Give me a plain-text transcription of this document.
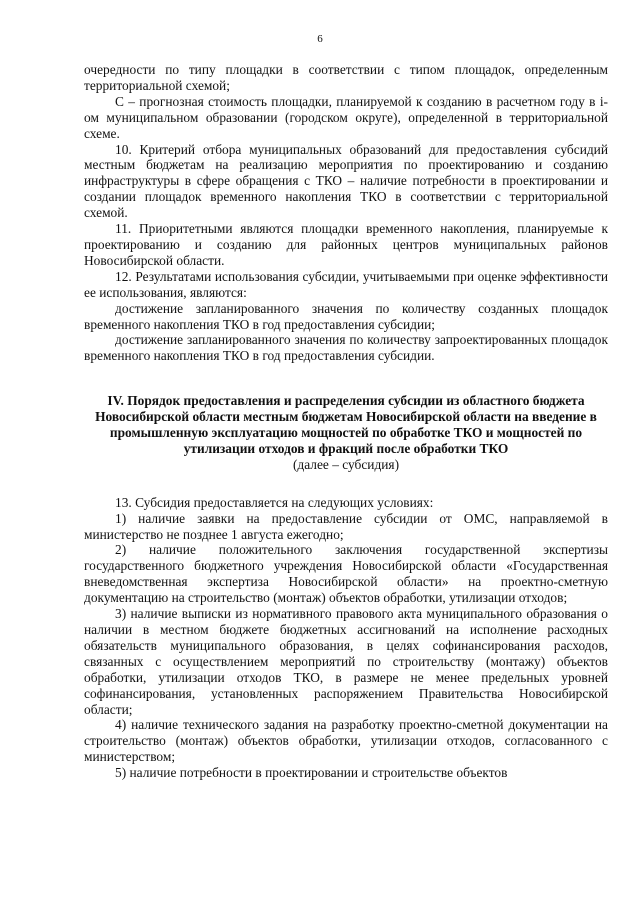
6

очередности по типу площадки в соответствии с типом площадок, определенным территориальной схемой;

C – прогнозная стоимость площадки, планируемой к созданию в расчетном году в i-ом муниципальном образовании (городском округе), определенной в территориальной схеме.

10. Критерий отбора муниципальных образований для предоставления субсидий местным бюджетам на реализацию мероприятия по проектированию и созданию инфраструктуры в сфере обращения с ТКО – наличие потребности в проектировании и создании площадок временного накопления ТКО в соответствии с территориальной схемой.

11. Приоритетными являются площадки временного накопления, планируемые к проектированию и созданию для районных центров муниципальных районов Новосибирской области.

12. Результатами использования субсидии, учитываемыми при оценке эффективности ее использования, являются:

достижение запланированного значения по количеству созданных площадок временного накопления ТКО в год предоставления субсидии;

достижение запланированного значения по количеству запроектированных площадок временного накопления ТКО в год предоставления субсидии.

IV. Порядок предоставления и распределения субсидии из областного бюджета Новосибирской области местным бюджетам Новосибирской области на введение в промышленную эксплуатацию мощностей по обработке ТКО и мощностей по утилизации отходов и фракций после обработки ТКО

(далее – субсидия)

13. Субсидия предоставляется на следующих условиях:

1) наличие заявки на предоставление субсидии от ОМС, направляемой в министерство не позднее 1 августа ежегодно;

2) наличие положительного заключения государственной экспертизы государственного бюджетного учреждения Новосибирской области «Государственная вневедомственная экспертиза Новосибирской области» на проектно-сметную документацию на строительство (монтаж) объектов обработки, утилизации отходов;

3) наличие выписки из нормативного правового акта муниципального образования о наличии в местном бюджете бюджетных ассигнований на исполнение расходных обязательств муниципального образования, в целях софинансирования расходов, связанных с осуществлением мероприятий по строительству (монтажу) объектов обработки, утилизации отходов ТКО, в размере не менее предельных уровней софинансирования, установленных распоряжением Правительства Новосибирской области;

4) наличие технического задания на разработку проектно-сметной документации на строительство (монтаж) объектов обработки, утилизации отходов, согласованного с министерством;

5) наличие потребности в проектировании и строительстве объектов
